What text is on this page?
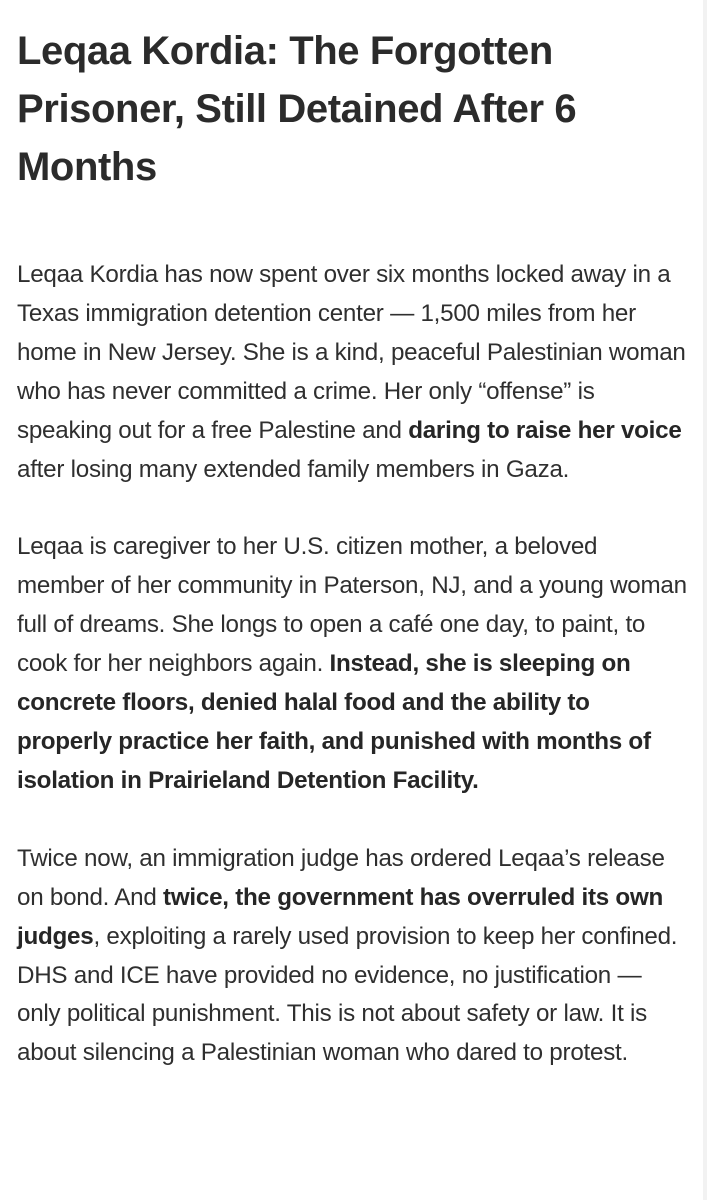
Leqaa Kordia: The Forgotten Prisoner, Still Detained After 6 Months

Leqaa Kordia has now spent over six months locked away in a Texas immigration detention center — 1,500 miles from her home in New Jersey. She is a kind, peaceful Palestinian woman who has never committed a crime. Her only “offense” is speaking out for a free Palestine and daring to raise her voice after losing many extended family members in Gaza.

Leqaa is caregiver to her U.S. citizen mother, a beloved member of her community in Paterson, NJ, and a young woman full of dreams. She longs to open a café one day, to paint, to cook for her neighbors again. Instead, she is sleeping on concrete floors, denied halal food and the ability to properly practice her faith, and punished with months of isolation in Prairieland Detention Facility.

Twice now, an immigration judge has ordered Leqaa’s release on bond. And twice, the government has overruled its own judges, exploiting a rarely used provision to keep her confined. DHS and ICE have provided no evidence, no justification — only political punishment. This is not about safety or law. It is about silencing a Palestinian woman who dared to protest.
